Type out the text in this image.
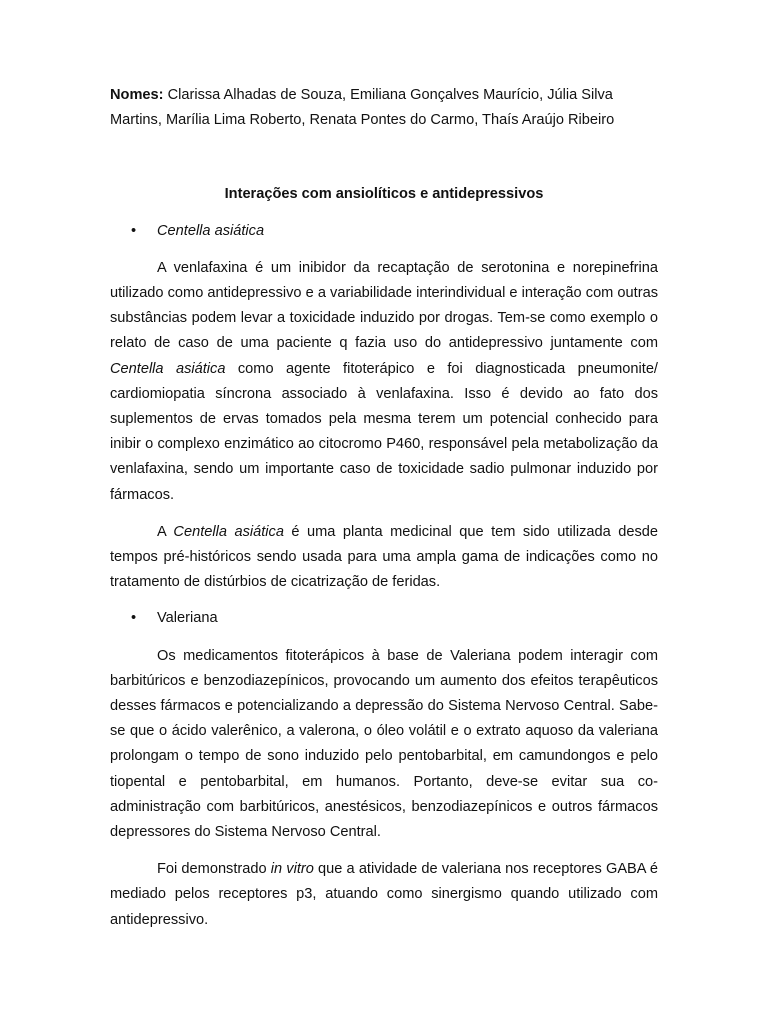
Nomes: Clarissa Alhadas de Souza, Emiliana Gonçalves Maurício, Júlia Silva Martins, Marília Lima Roberto, Renata Pontes do Carmo, Thaís Araújo Ribeiro

Interações com ansiolíticos e antidepressivos

• Centella asiática

A venlafaxina é um inibidor da recaptação de serotonina e norepinefrina utilizado como antidepressivo e a variabilidade interindividual e interação com outras substâncias podem levar a toxicidade induzido por drogas. Tem-se como exemplo o relato de caso de uma paciente q fazia uso do antidepressivo juntamente com Centella asiática como agente fitoterápico e foi diagnosticada pneumonite/ cardiomiopatia síncrona associado à venlafaxina. Isso é devido ao fato dos suplementos de ervas tomados pela mesma terem um potencial conhecido para inibir o complexo enzimático ao citocromo P460, responsável pela metabolização da venlafaxina, sendo um importante caso de toxicidade sadio pulmonar induzido por fármacos.

A Centella asiática é uma planta medicinal que tem sido utilizada desde tempos pré-históricos sendo usada para uma ampla gama de indicações como no tratamento de distúrbios de cicatrização de feridas.

• Valeriana

Os medicamentos fitoterápicos à base de Valeriana podem interagir com barbitúricos e benzodiazepínicos, provocando um aumento dos efeitos terapêuticos desses fármacos e potencializando a depressão do Sistema Nervoso Central. Sabe-se que o ácido valerênico, a valerona, o óleo volátil e o extrato aquoso da valeriana prolongam o tempo de sono induzido pelo pentobarbital, em camundongos e pelo tiopental e pentobarbital, em humanos. Portanto, deve-se evitar sua co-administração com barbitúricos, anestésicos, benzodiazepínicos e outros fármacos depressores do Sistema Nervoso Central.

Foi demonstrado in vitro que a atividade de valeriana nos receptores GABA é mediado pelos receptores p3, atuando como sinergismo quando utilizado com antidepressivo.
